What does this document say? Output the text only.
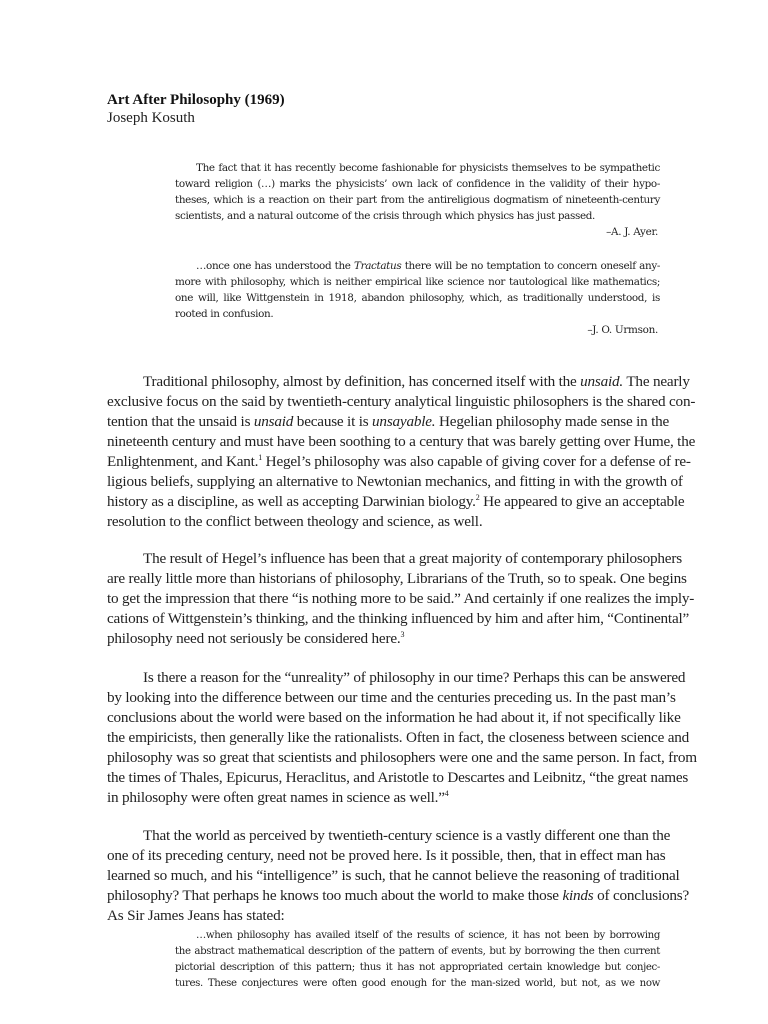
Art After Philosophy (1969)
Joseph Kosuth
The fact that it has recently become fashionable for physicists themselves to be sympathetic
toward religion (…) marks the physicists’ own lack of confidence in the validity of their hypo-
theses, which is a reaction on their part from the antireligious dogmatism of nineteenth-century
scientists, and a natural outcome of the crisis through which physics has just passed.
–A. J. Ayer.
…once one has understood the Tractatus there will be no temptation to concern oneself any-
more with philosophy, which is neither empirical like science nor tautological like mathematics;
one will, like Wittgenstein in 1918, abandon philosophy, which, as traditionally understood, is
rooted in confusion.
–J. O. Urmson.
Traditional philosophy, almost by definition, has concerned itself with the unsaid. The nearly
exclusive focus on the said by twentieth-century analytical linguistic philosophers is the shared con-
tention that the unsaid is unsaid because it is unsayable. Hegelian philosophy made sense in the
nineteenth century and must have been soothing to a century that was barely getting over Hume, the
Enlightenment, and Kant.$^1$ Hegel’s philosophy was also capable of giving cover for a defense of re-
ligious beliefs, supplying an alternative to Newtonian mechanics, and fitting in with the growth of
history as a discipline, as well as accepting Darwinian biology.$^2$ He appeared to give an acceptable
resolution to the conflict between theology and science, as well.
The result of Hegel’s influence has been that a great majority of contemporary philosophers
are really little more than historians of philosophy, Librarians of the Truth, so to speak. One begins
to get the impression that there “is nothing more to be said.” And certainly if one realizes the imply-
cations of Wittgenstein’s thinking, and the thinking influenced by him and after him, “Continental”
philosophy need not seriously be considered here.$^3$
Is there a reason for the “unreality” of philosophy in our time? Perhaps this can be answered
by looking into the difference between our time and the centuries preceding us. In the past man’s
conclusions about the world were based on the information he had about it, if not specifically like
the empiricists, then generally like the rationalists. Often in fact, the closeness between science and
philosophy was so great that scientists and philosophers were one and the same person. In fact, from
the times of Thales, Epicurus, Heraclitus, and Aristotle to Descartes and Leibnitz, “the great names
in philosophy were often great names in science as well.”$^4$
That the world as perceived by twentieth-century science is a vastly different one than the
one of its preceding century, need not be proved here. Is it possible, then, that in effect man has
learned so much, and his “intelligence” is such, that he cannot believe the reasoning of traditional
philosophy? That perhaps he knows too much about the world to make those kinds of conclusions?
As Sir James Jeans has stated:
…when philosophy has availed itself of the results of science, it has not been by borrowing
the abstract mathematical description of the pattern of events, but by borrowing the then current
pictorial description of this pattern; thus it has not appropriated certain knowledge but conjec-
tures. These conjectures were often good enough for the man-sized world, but not, as we now
